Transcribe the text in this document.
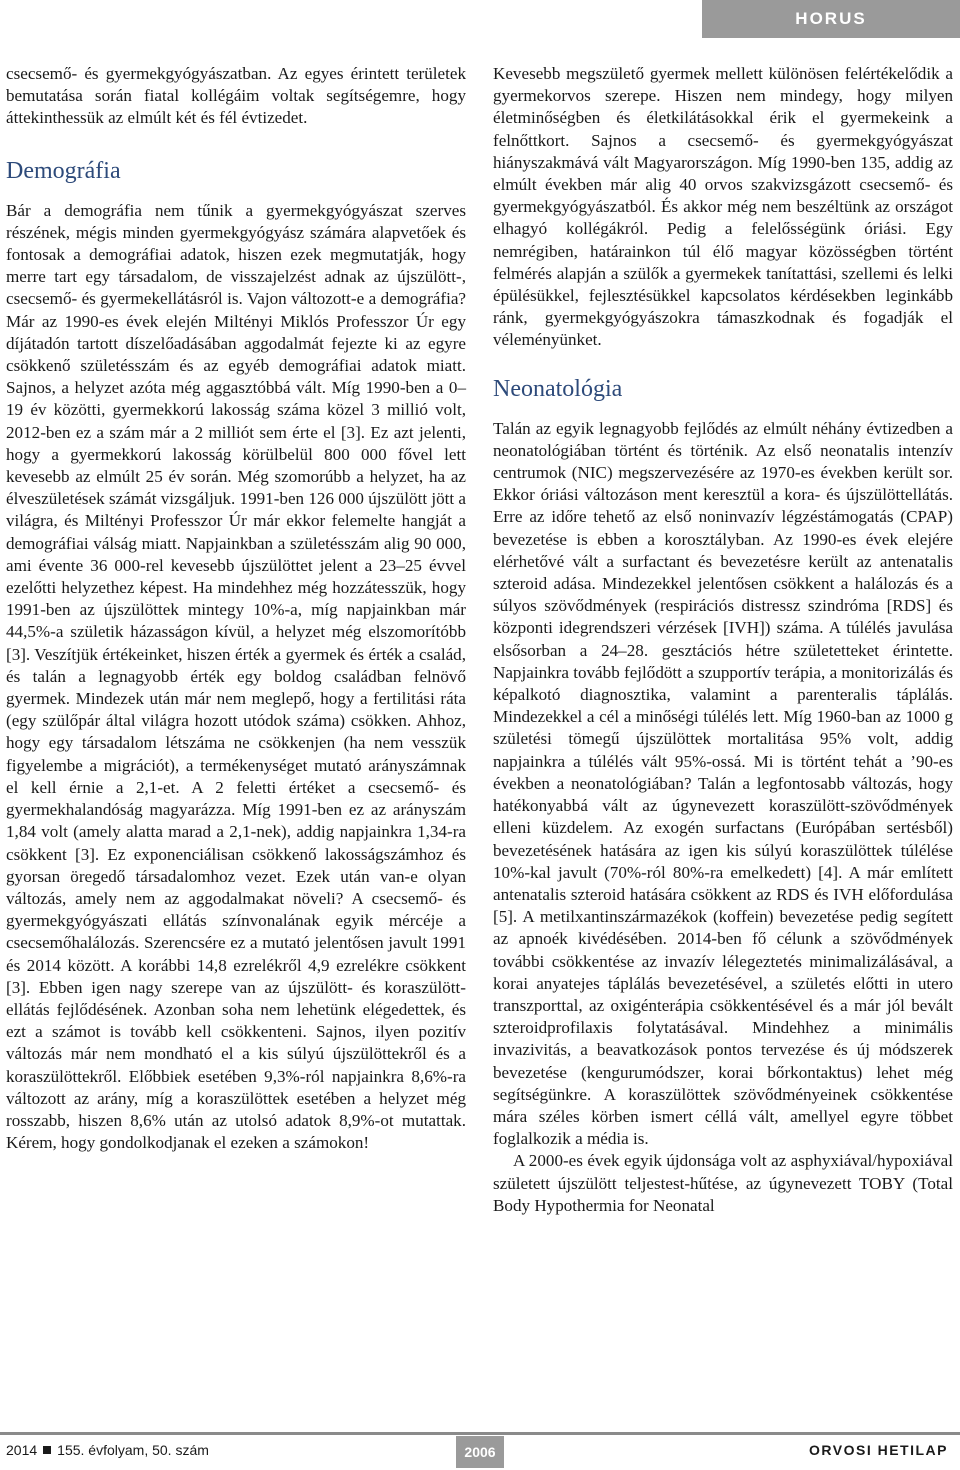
HORUS

csecsemő- és gyermekgyógyászatban. Az egyes érintett területek bemutatása során fiatal kollégáim voltak segítségemre, hogy áttekinthessük az elmúlt két és fél évtizedet.

Demográfia

Bár a demográfia nem tűnik a gyermekgyógyászat szerves részének, mégis minden gyermekgyógyász számára alapvetőek és fontosak a demográfiai adatok, hiszen ezek megmutatják, hogy merre tart egy társadalom, de visszajelzést adnak az újszülött-, csecsemő- és gyermekellátásról is. Vajon változott-e a demográfia? Már az 1990-es évek elején Miltényi Miklós Professzor Úr egy díjátadón tartott díszelőadásában aggodalmát fejezte ki az egyre csökkenő születésszám és az egyéb demográfiai adatok miatt. Sajnos, a helyzet azóta még aggasztóbbá vált. Míg 1990-ben a 0–19 év közötti, gyermekkorú lakosság száma közel 3 millió volt, 2012-ben ez a szám már a 2 milliót sem érte el [3]. Ez azt jelenti, hogy a gyermekkorú lakosság körülbelül 800 000 fővel lett kevesebb az elmúlt 25 év során. Még szomorúbb a helyzet, ha az élveszületések számát vizsgáljuk. 1991-ben 126 000 újszülött jött a világra, és Miltényi Professzor Úr már ekkor felemelte hangját a demográfiai válság miatt. Napjainkban a születésszám alig 90 000, ami évente 36 000-rel kevesebb újszülöttet jelent a 23–25 évvel ezelőtti helyzethez képest. Ha mindehhez még hozzátesszük, hogy 1991-ben az újszülöttek mintegy 10%-a, míg napjainkban már 44,5%-a születik házasságon kívül, a helyzet még elszomorítóbb [3]. Veszítjük értékeinket, hiszen érték a gyermek és érték a család, és talán a legnagyobb érték egy boldog családban felnövő gyermek. Mindezek után már nem meglepő, hogy a fertilitási ráta (egy szülőpár által világra hozott utódok száma) csökken. Ahhoz, hogy egy társadalom létszáma ne csökkenjen (ha nem vesszük figyelembe a migrációt), a termékenységet mutató arányszámnak el kell érnie a 2,1-et. A 2 feletti értéket a csecsemő- és gyermekhalandóság magyarázza. Míg 1991-ben ez az arányszám 1,84 volt (amely alatta marad a 2,1-nek), addig napjainkra 1,34-ra csökkent [3]. Ez exponenciálisan csökkenő lakosságszámhoz és gyorsan öregedő társadalomhoz vezet. Ezek után van-e olyan változás, amely nem az aggodalmakat növeli? A csecsemő- és gyermekgyógyászati ellátás színvonalának egyik mércéje a csecsemőhalálozás. Szerencsére ez a mutató jelentősen javult 1991 és 2014 között. A korábbi 14,8 ezrelékről 4,9 ezrelékre csökkent [3]. Ebben igen nagy szerepe van az újszülött- és koraszülött-ellátás fejlődésének. Azonban soha nem lehetünk elégedettek, és ezt a számot is tovább kell csökkenteni. Sajnos, ilyen pozitív változás már nem mondható el a kis súlyú újszülöttekről és a koraszülöttekről. Előbbiek esetében 9,3%-ról napjainkra 8,6%-ra változott az arány, míg a koraszülöttek esetében a helyzet még rosszabb, hiszen 8,6% után az utolsó adatok 8,9%-ot mutattak. Kérem, hogy gondolkodjanak el ezeken a számokon!

Kevesebb megszülető gyermek mellett különösen felértékelődik a gyermekorvos szerepe. Hiszen nem mindegy, hogy milyen életminőségben és életkilátásokkal érik el gyermekeink a felnőttkort. Sajnos a csecsemő- és gyermekgyógyászat hiányszakmává vált Magyarországon. Míg 1990-ben 135, addig az elmúlt években már alig 40 orvos szakvizsgázott csecsemő- és gyermekgyógyászatból. És akkor még nem beszéltünk az országot elhagyó kollégákról. Pedig a felelősségünk óriási. Egy nemrégiben, határainkon túl élő magyar közösségben történt felmérés alapján a szülők a gyermekek tanítattási, szellemi és lelki épülésükkel, fejlesztésükkel kapcsolatos kérdésekben leginkább ránk, gyermekgyógyászokra támaszkodnak és fogadják el véleményünket.

Neonatológia

Talán az egyik legnagyobb fejlődés az elmúlt néhány évtizedben a neonatológiában történt és történik. Az első neonatalis intenzív centrumok (NIC) megszervezésére az 1970-es években került sor. Ekkor óriási változáson ment keresztül a kora- és újszülöttellátás. Erre az időre tehető az első noninvazív légzéstámogatás (CPAP) bevezetése is ebben a korosztályban. Az 1990-es évek elejére elérhetővé vált a surfactant és bevezetésre került az antenatalis szteroid adása. Mindezekkel jelentősen csökkent a halálozás és a súlyos szövődmények (respirációs distressz szindróma [RDS] és központi idegrendszeri vérzések [IVH]) száma. A túlélés javulása elsősorban a 24–28. gesztációs hétre születetteket érintette. Napjainkra tovább fejlődött a szupportív terápia, a monitorizálás és képalkotó diagnosztika, valamint a parenteralis táplálás. Mindezekkel a cél a minőségi túlélés lett. Míg 1960-ban az 1000 g születési tömegű újszülöttek mortalitása 95% volt, addig napjainkra a túlélés vált 95%-ossá. Mi is történt tehát a ’90-es években a neonatológiában? Talán a legfontosabb változás, hogy hatékonyabbá vált az úgynevezett koraszülött-szövődmények elleni küzdelem. Az exogén surfactans (Európában sertésből) bevezetésének hatására az igen kis súlyú koraszülöttek túlélése 10%-kal javult (70%-ról 80%-ra emelkedett) [4]. A már említett antenatalis szteroid hatására csökkent az RDS és IVH előfordulása [5]. A metilxantinszármazékok (koffein) bevezetése pedig segített az apnoék kivédésében. 2014-ben fő célunk a szövődmények további csökkentése az invazív lélegeztetés minimalizálásával, a korai anyatejes táplálás bevezetésével, a születés előtti in utero transzporttal, az oxigénterápia csökkentésével és a már jól bevált szteroidprofilaxis folytatásával. Mindehhez a minimális invazivitás, a beavatkozások pontos tervezése és új módszerek bevezetése (kengurumódszer, korai bőrkontaktus) lehet még segítségünkre. A koraszülöttek szövődményeinek csökkentése mára széles körben ismert céllá vált, amellyel egyre többet foglalkozik a média is.

A 2000-es évek egyik újdonsága volt az asphyxiával/hypoxiával született újszülött teljestest-hűtése, az úgynevezett TOBY (Total Body Hypothermia for Neonatal

2014 155. évfolyam, 50. szám	2006	ORVOSI HETILAP
